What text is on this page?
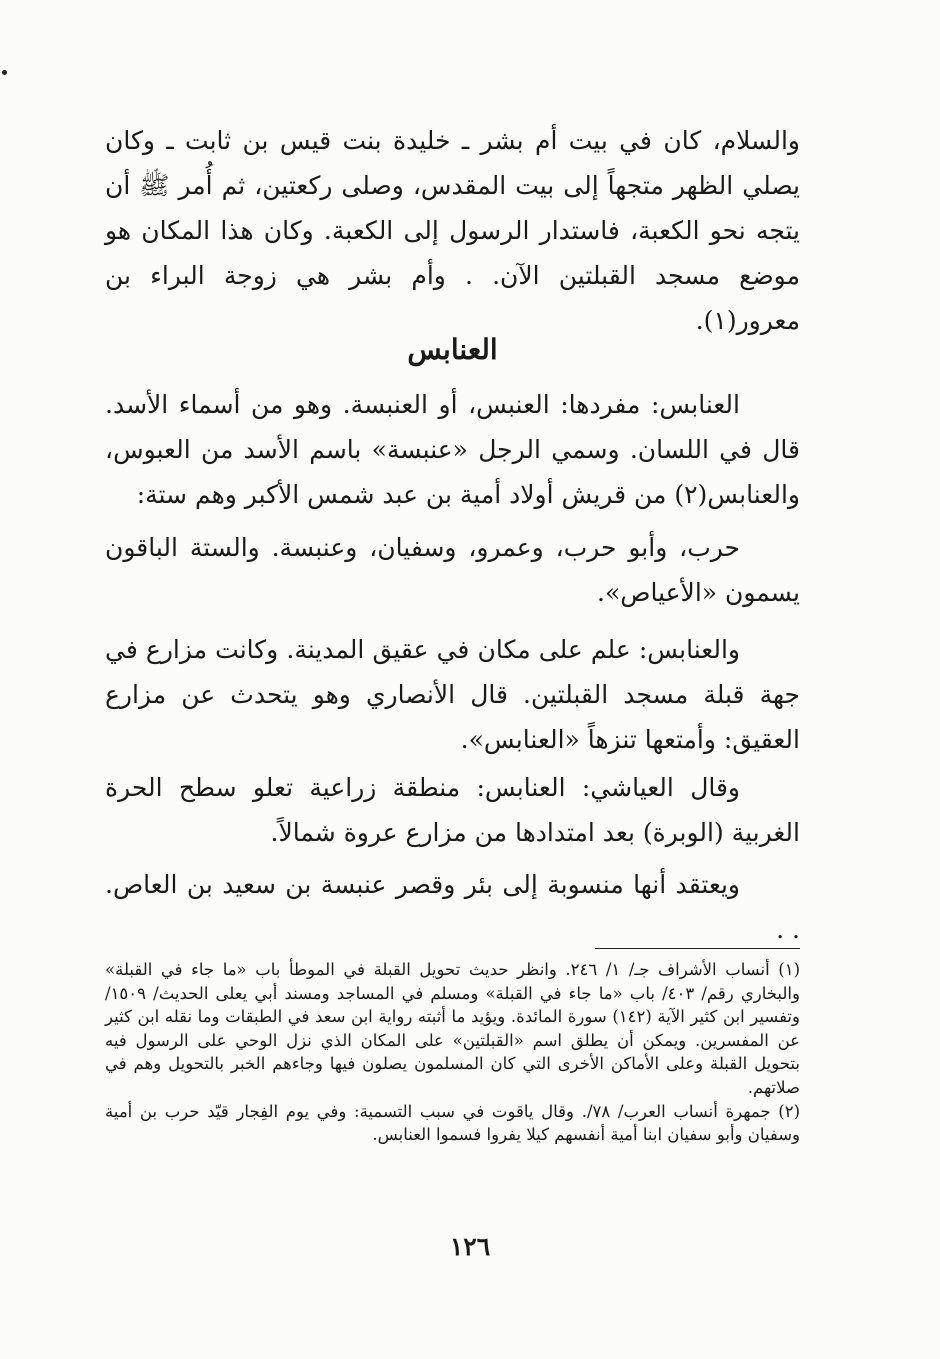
والسلام، كان في بيت أم بشر ـ خليدة بنت قيس بن ثابت ـ وكان يصلي الظهر متجهاً إلى بيت المقدس، وصلى ركعتين، ثم أُمر ﷺ أن يتجه نحو الكعبة، فاستدار الرسول إلى الكعبة. وكان هذا المكان هو موضع مسجد القبلتين الآن. . وأم بشر هي زوجة البراء بن معرور(١).

العنابس

العنابس: مفردها: العنبس، أو العنبسة. وهو من أسماء الأسد. قال في اللسان. وسمي الرجل «عنبسة» باسم الأسد من العبوس، والعنابس(٢) من قريش أولاد أمية بن عبد شمس الأكبر وهم ستة:

حرب، وأبو حرب، وعمرو، وسفيان، وعنبسة. والستة الباقون يسمون «الأعياص».

والعنابس: علم على مكان في عقيق المدينة. وكانت مزارع في جهة قبلة مسجد القبلتين. قال الأنصاري وهو يتحدث عن مزارع العقيق: وأمتعها تنزهاً «العنابس».

وقال العياشي: العنابس: منطقة زراعية تعلو سطح الحرة الغربية (الوبرة) بعد امتدادها من مزارع عروة شمالاً.

ويعتقد أنها منسوبة إلى بئر وقصر عنبسة بن سعيد بن العاص. . .

(١) أنساب الأشراف جـ/ ١/ ٢٤٦. وانظر حديث تحويل القبلة في الموطأ باب «ما جاء في القبلة» والبخاري رقم/ ٤٠٣/ باب «ما جاء في القبلة» ومسلم في المساجد ومسند أبي يعلى الحديث/ ١٥٠٩/ وتفسير ابن كثير الآية (١٤٢) سورة المائدة. ويؤيد ما أثبته رواية ابن سعد في الطبقات وما نقله ابن كثير عن المفسرين. ويمكن أن يطلق اسم «القبلتين» على المكان الذي نزل الوحي على الرسول فيه بتحويل القبلة وعلى الأماكن الأخرى التي كان المسلمون يصلون فيها وجاءهم الخبر بالتحويل وهم في صلاتهم.

(٢) جمهرة أنساب العرب/ ٧٨/. وقال ياقوت في سبب التسمية: وفي يوم الفِجار قيّد حرب بن أمية وسفيان وأبو سفيان ابنا أمية أنفسهم كيلا يفروا فسموا العنابس.

١٢٦
